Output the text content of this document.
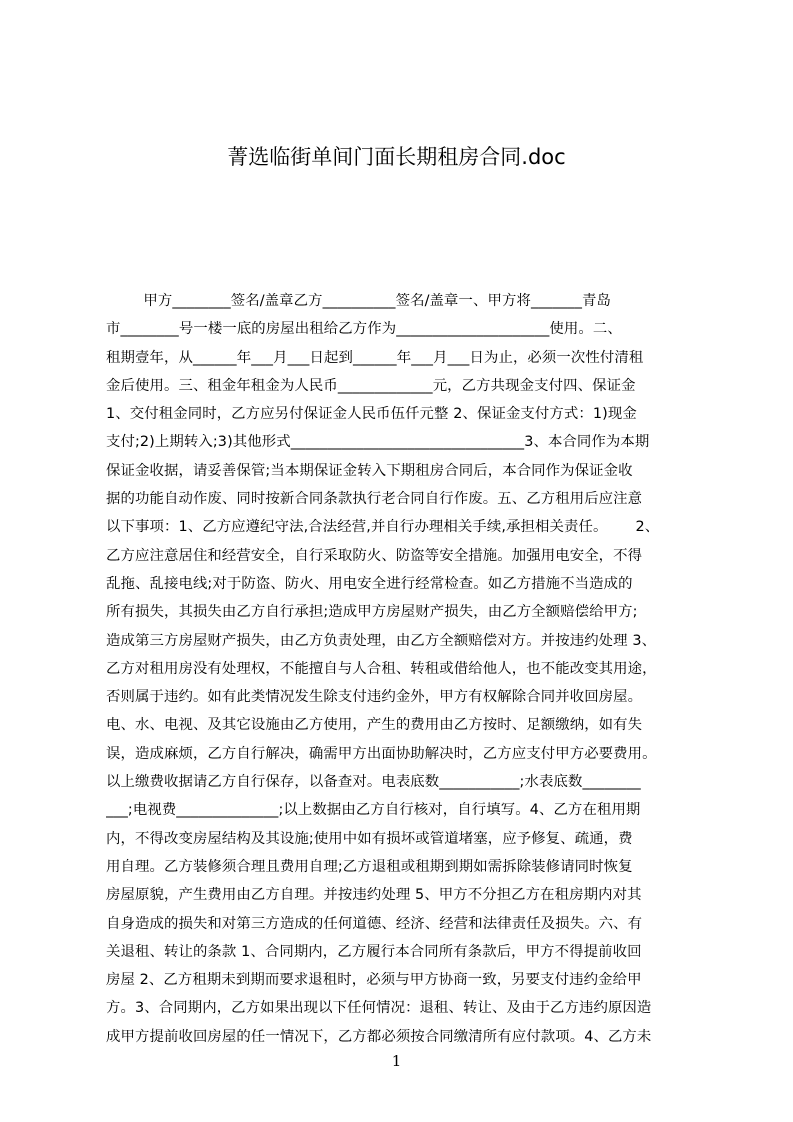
菁选临街单间门面长期租房合同.doc
甲方________签名/盖章乙方__________签名/盖章一、甲方将_______青岛
市________号一楼一底的房屋出租给乙方作为_____________________使用。二、
租期壹年，从______年___月___日起到______年___月___日为止，必须一次性付清租
金后使用。三、租金年租金为人民币_____________元，乙方共现金支付四、保证金
1、交付租金同时，乙方应另付保证金人民币伍仟元整 2、保证金支付方式：1)现金
支付;2)上期转入;3)其他形式________________________________3、本合同作为本期
保证金收据，请妥善保管;当本期保证金转入下期租房合同后，本合同作为保证金收
据的功能自动作废、同时按新合同条款执行老合同自行作废。五、乙方租用后应注意
以下事项：1、乙方应遵纪守法,合法经营,并自行办理相关手续,承担相关责任。      2、
乙方应注意居住和经营安全，自行采取防火、防盗等安全措施。加强用电安全，不得
乱拖、乱接电线;对于防盗、防火、用电安全进行经常检查。如乙方措施不当造成的
所有损失，其损失由乙方自行承担;造成甲方房屋财产损失，由乙方全额赔偿给甲方;
造成第三方房屋财产损失，由乙方负责处理，由乙方全额赔偿对方。并按违约处理 3、
乙方对租用房没有处理权，不能擅自与人合租、转租或借给他人，也不能改变其用途，
否则属于违约。如有此类情况发生除支付违约金外，甲方有权解除合同并收回房屋。
电、水、电视、及其它设施由乙方使用，产生的费用由乙方按时、足额缴纳，如有失
误，造成麻烦，乙方自行解决，确需甲方出面协助解决时，乙方应支付甲方必要费用。
以上缴费收据请乙方自行保存，以备查对。电表底数___________;水表底数________
___;电视费______________;以上数据由乙方自行核对，自行填写。4、乙方在租用期
内，不得改变房屋结构及其设施;使用中如有损坏或管道堵塞，应予修复、疏通，费
用自理。乙方装修须合理且费用自理;乙方退租或租期到期如需拆除装修请同时恢复
房屋原貌，产生费用由乙方自理。并按违约处理 5、甲方不分担乙方在租房期内对其
自身造成的损失和对第三方造成的任何道德、经济、经营和法律责任及损失。六、有
关退租、转让的条款 1、合同期内，乙方履行本合同所有条款后，甲方不得提前收回
房屋 2、乙方租期未到期而要求退租时，必须与甲方协商一致，另要支付违约金给甲
方。3、合同期内，乙方如果出现以下任何情况：退租、转让、及由于乙方违约原因造
成甲方提前收回房屋的任一情况下，乙方都必须按合同缴清所有应付款项。4、乙方未
1
